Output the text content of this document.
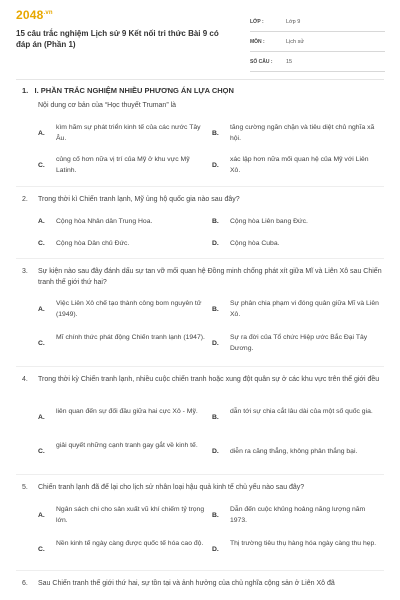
$2048^{.vn}$
15 câu trắc nghiệm Lịch sử 9 Kết nối tri thức Bài 9 có đáp án (Phần 1)
LỚP :	Lớp 9
MÔN :	Lịch sử
SỐ CÂU :	15
1. I. PHẦN TRẮC NGHIỆM NHIỀU PHƯƠNG ÁN LỰA CHỌN
Nội dung cơ bản của “Học thuyết Truman” là
A.
kìm hãm sự phát triển kinh tế của các nước Tây Âu.
B.
tăng cường ngăn chặn và tiêu diệt chủ nghĩa xã hội.
C.
củng cố hơn nữa vị trí của Mỹ ở khu vực Mỹ Latinh.
D.
xác lập hơn nữa mối quan hệ của Mỹ với Liên Xô.
2. Trong thời kì Chiến tranh lạnh, Mỹ ủng hộ quốc gia nào sau đây?
A. Cộng hòa Nhân dân Trung Hoa.	B. Cộng hòa Liên bang Đức.
C. Cộng hòa Dân chủ Đức.	D. Cộng hòa Cuba.
3. Sự kiện nào sau đây đánh dấu sự tan vỡ mối quan hệ Đồng minh chống phát xít giữa Mĩ và Liên Xô sau Chiến tranh thế giới thứ hai?
A.
Việc Liên Xô chế tạo thành công bom nguyên tử (1949).
B.
Sự phân chia phạm vi đóng quân giữa Mĩ và Liên Xô.
C.
Mĩ chính thức phát động Chiến tranh lạnh (1947).
D.
Sự ra đời của Tổ chức Hiệp ước Bắc Đại Tây Dương.
4. Trong thời kỳ Chiến tranh lạnh, nhiều cuộc chiến tranh hoặc xung đột quân sự ở các khu vực trên thế giới đều
A.
liên quan đến sự đối đầu giữa hai cực Xô - Mỹ.
B.
dẫn tới sự chia cắt lâu dài của một số quốc gia.
C.
giải quyết những cạnh tranh gay gắt về kinh tế.
D. diễn ra căng thẳng, không phân thắng bại.
5. Chiến tranh lạnh đã để lại cho lịch sử nhân loại hậu quả kinh tế chủ yếu nào sau đây?
A.
Ngân sách chi cho sản xuất vũ khí chiếm tỷ trọng lớn.
B.
Dẫn đến cuộc khủng hoảng năng lượng năm 1973.
C.
Nền kinh tế ngày càng được quốc tế hóa cao độ.
D.
Thị trường tiêu thụ hàng hóa ngày càng thu hẹp.
6. Sau Chiến tranh thế giới thứ hai, sự tồn tại và ảnh hưởng của chủ nghĩa cộng sản ở Liên Xô đã
